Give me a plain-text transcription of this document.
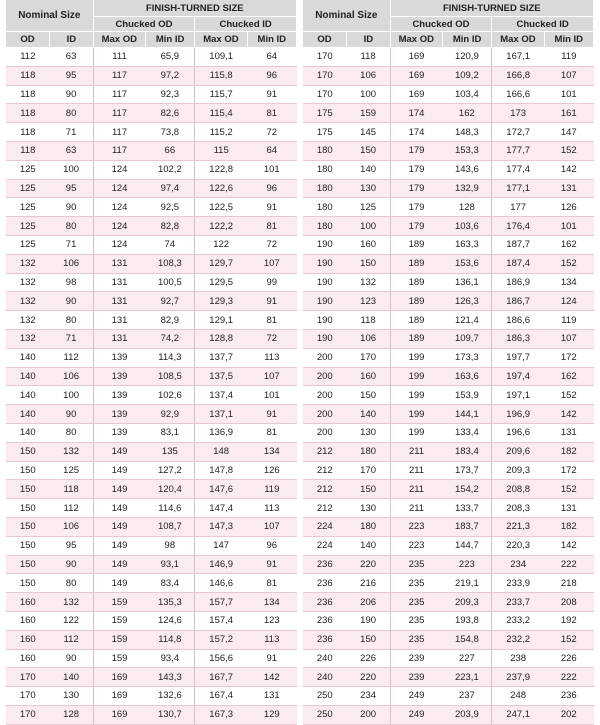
Nominal Size		FINISH-TURNED SIZE			
		Chucked OD		Chucked ID	
OD	ID	Max OD	Min ID	Max OD	Min ID
112	63	111	65,9	109,1	64
118	95	117	97,2	115,8	96
118	90	117	92,3	115,7	91
118	80	117	82,6	115,4	81
118	71	117	73,8	115,2	72
118	63	117	66	115	64
125	100	124	102,2	122,8	101
125	95	124	97,4	122,6	96
125	90	124	92,5	122,5	91
125	80	124	82,8	122,2	81
125	71	124	74	122	72
132	106	131	108,3	129,7	107
132	98	131	100,5	129,5	99
132	90	131	92,7	129,3	91
132	80	131	82,9	129,1	81
132	71	131	74,2	128,8	72
140	112	139	114,3	137,7	113
140	106	139	108,5	137,5	107
140	100	139	102,6	137,4	101
140	90	139	92,9	137,1	91
140	80	139	83,1	136,9	81
150	132	149	135	148	134
150	125	149	127,2	147,8	126
150	118	149	120,4	147,6	119
150	112	149	114,6	147,4	113
150	106	149	108,7	147,3	107
150	95	149	98	147	96
150	90	149	93,1	146,9	91
150	80	149	83,4	146,6	81
160	132	159	135,3	157,7	134
160	122	159	124,6	157,4	123
160	112	159	114,8	157,2	113
160	90	159	93,4	156,6	91
170	140	169	143,3	167,7	142
170	130	169	132,6	167,4	131
170	128	169	130,7	167,3	129
Nominal Size		FINISH-TURNED SIZE			
		Chucked OD		Chucked ID	
OD	ID	Max OD	Min ID	Max OD	Min ID
170	118	169	120,9	167,1	119
170	106	169	109,2	166,8	107
170	100	169	103,4	166,6	101
175	159	174	162	173	161
175	145	174	148,3	172,7	147
180	150	179	153,3	177,7	152
180	140	179	143,6	177,4	142
180	130	179	132,9	177,1	131
180	125	179	128	177	126
180	100	179	103,6	176,4	101
190	160	189	163,3	187,7	162
190	150	189	153,6	187,4	152
190	132	189	136,1	186,9	134
190	123	189	126,3	186,7	124
190	118	189	121,4	186,6	119
190	106	189	109,7	186,3	107
200	170	199	173,3	197,7	172
200	160	199	163,6	197,4	162
200	150	199	153,9	197,1	152
200	140	199	144,1	196,9	142
200	130	199	133,4	196,6	131
212	180	211	183,4	209,6	182
212	170	211	173,7	209,3	172
212	150	211	154,2	208,8	152
212	130	211	133,7	208,3	131
224	180	223	183,7	221,3	182
224	140	223	144,7	220,3	142
236	220	235	223	234	222
236	216	235	219,1	233,9	218
236	206	235	209,3	233,7	208
236	190	235	193,8	233,2	192
236	150	235	154,8	232,2	152
240	226	239	227	238	226
240	220	239	223,1	237,9	222
250	234	249	237	248	236
250	200	249	203,9	247,1	202
